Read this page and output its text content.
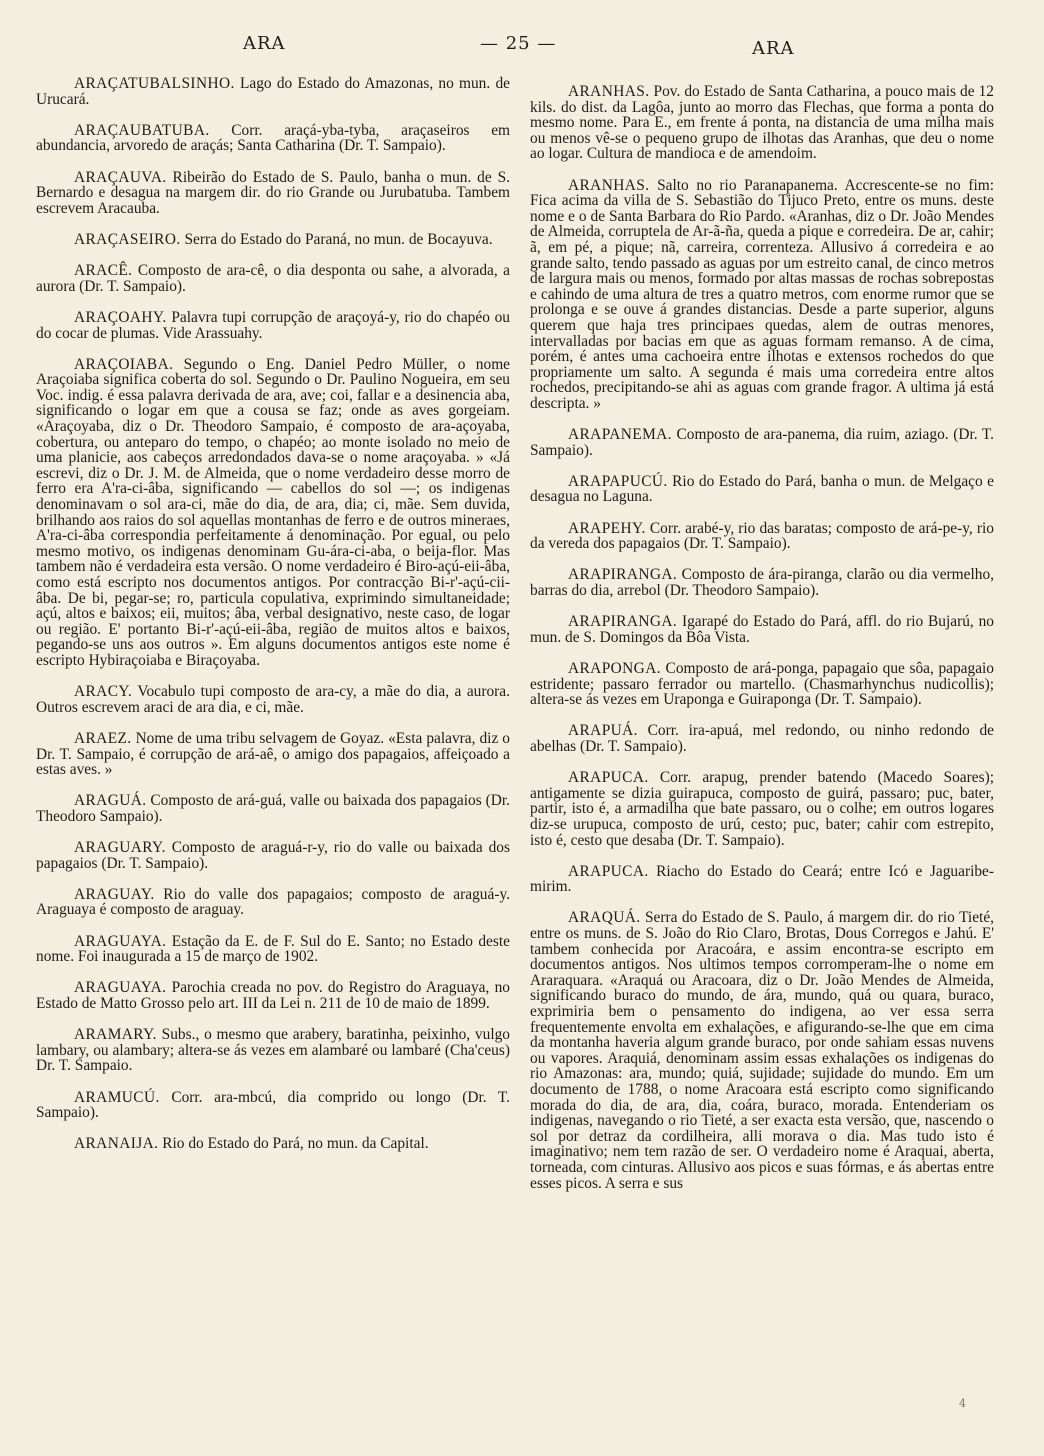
ARA	— 25 —	ARA

ARAÇATUBALSINHO. Lago do Estado do Amazonas, no mun. de Urucará.

ARAÇAUBATUBA. Corr. araçá-yba-tyba, araçaseiros em abundancia, arvoredo de araçás; Santa Catharina (Dr. T. Sampaio).

ARAÇAUVA. Ribeirão do Estado de S. Paulo, banha o mun. de S. Bernardo e desagua na margem dir. do rio Grande ou Jurubatuba. Tambem escrevem Aracauba.

ARAÇASEIRO. Serra do Estado do Paraná, no mun. de Bocayuva.

ARACÊ. Composto de ara-cê, o dia desponta ou sahe, a alvorada, a aurora (Dr. T. Sampaio).

ARAÇOAHY. Palavra tupi corrupção de araçoyá-y, rio do chapéo ou do cocar de plumas. Vide Arassuahy.

ARAÇOIABA. Segundo o Eng. Daniel Pedro Müller, o nome Araçoiaba significa coberta do sol. Segundo o Dr. Paulino Nogueira, em seu Voc. indig. é essa palavra derivada de ara, ave; coi, fallar e a desinencia aba, significando o logar em que a cousa se faz; onde as aves gorgeiam. «Araçoyaba, diz o Dr. Theodoro Sampaio, é composto de ara-açoyaba, cobertura, ou anteparo do tempo, o chapéo; ao monte isolado no meio de uma planicie, aos cabeços arredondados dava-se o nome araçoyaba. » «Já escrevi, diz o Dr. J. M. de Almeida, que o nome verdadeiro desse morro de ferro era A'ra-ci-âba, significando — cabellos do sol —; os indigenas denominavam o sol ara-ci, mãe do dia, de ara, dia; ci, mãe. Sem duvida, brilhando aos raios do sol aquellas montanhas de ferro e de outros mineraes, A'ra-ci-âba correspondia perfeitamente á denominação. Por egual, ou pelo mesmo motivo, os indigenas denominam Gu-ára-ci-aba, o beija-flor. Mas tambem não é verdadeira esta versão. O nome verdadeiro é Biro-açú-eii-âba, como está escripto nos documentos antigos. Por contracção Bi-r'-açú-cii-âba. De bi, pegar-se; ro, particula copulativa, exprimindo simultaneidade; açú, altos e baixos; eii, muitos; âba, verbal designativo, neste caso, de logar ou região. E' portanto Bi-r'-açú-eii-âba, região de muitos altos e baixos, pegando-se uns aos outros ». Em alguns documentos antigos este nome é escripto Hybiraçoiaba e Biraçoyaba.

ARACY. Vocabulo tupi composto de ara-cy, a mãe do dia, a aurora. Outros escrevem araci de ara dia, e ci, mãe.

ARAEZ. Nome de uma tribu selvagem de Goyaz. «Esta palavra, diz o Dr. T. Sampaio, é corrupção de ará-aê, o amigo dos papagaios, affeiçoado a estas aves. »

ARAGUÁ. Composto de ará-guá, valle ou baixada dos papagaios (Dr. Theodoro Sampaio).

ARAGUARY. Composto de araguá-r-y, rio do valle ou baixada dos papagaios (Dr. T. Sampaio).

ARAGUAY. Rio do valle dos papagaios; composto de araguá-y. Araguaya é composto de araguay.

ARAGUAYA. Estação da E. de F. Sul do E. Santo; no Estado deste nome. Foi inaugurada a 15 de março de 1902.

ARAGUAYA. Parochia creada no pov. do Registro do Araguaya, no Estado de Matto Grosso pelo art. III da Lei n. 211 de 10 de maio de 1899.

ARAMARY. Subs., o mesmo que arabery, baratinha, peixinho, vulgo lambary, ou alambary; altera-se ás vezes em alambaré ou lambaré (Cha'ceus) Dr. T. Sampaio.

ARAMUCÚ. Corr. ara-mbcú, dia comprido ou longo (Dr. T. Sampaio).

ARANAIJA. Rio do Estado do Pará, no mun. da Capital.

ARANHAS. Pov. do Estado de Santa Catharina, a pouco mais de 12 kils. do dist. da Lagôa, junto ao morro das Flechas, que forma a ponta do mesmo nome. Para E., em frente á ponta, na distancia de uma milha mais ou menos vê-se o pequeno grupo de ilhotas das Aranhas, que deu o nome ao logar. Cultura de mandioca e de amendoim.

ARANHAS. Salto no rio Paranapanema. Accrescente-se no fim: Fica acima da villa de S. Sebastião do Tijuco Preto, entre os muns. deste nome e o de Santa Barbara do Rio Pardo. «Aranhas, diz o Dr. João Mendes de Almeida, corruptela de Ar-ã-ña, queda a pique e corredeira. De ar, cahir; ã, em pé, a pique; nã, carreira, correnteza. Allusivo á corredeira e ao grande salto, tendo passado as aguas por um estreito canal, de cinco metros de largura mais ou menos, formado por altas massas de rochas sobrepostas e cahindo de uma altura de tres a quatro metros, com enorme rumor que se prolonga e se ouve á grandes distancias. Desde a parte superior, alguns querem que haja tres principaes quedas, alem de outras menores, intervalladas por bacias em que as aguas formam remanso. A de cima, porém, é antes uma cachoeira entre ilhotas e extensos rochedos do que propriamente um salto. A segunda é mais uma corredeira entre altos rochedos, precipitando-se ahi as aguas com grande fragor. A ultima já está descripta. »

ARAPANEMA. Composto de ara-panema, dia ruim, aziago. (Dr. T. Sampaio).

ARAPAPUCÚ. Rio do Estado do Pará, banha o mun. de Melgaço e desagua no Laguna.

ARAPEHY. Corr. arabé-y, rio das baratas; composto de ará-pe-y, rio da vereda dos papagaios (Dr. T. Sampaio).

ARAPIRANGA. Composto de ára-piranga, clarão ou dia vermelho, barras do dia, arrebol (Dr. Theodoro Sampaio).

ARAPIRANGA. Igarapé do Estado do Pará, affl. do rio Bujarú, no mun. de S. Domingos da Bôa Vista.

ARAPONGA. Composto de ará-ponga, papagaio que sôa, papagaio estridente; passaro ferrador ou martello. (Chasmarhynchus nudicollis); altera-se ás vezes em Uraponga e Guiraponga (Dr. T. Sampaio).

ARAPUÁ. Corr. ira-apuá, mel redondo, ou ninho redondo de abelhas (Dr. T. Sampaio).

ARAPUCA. Corr. arapug, prender batendo (Macedo Soares); antigamente se dizia guirapuca, composto de guirá, passaro; puc, bater, partir, isto é, a armadilha que bate passaro, ou o colhe; em outros logares diz-se urupuca, composto de urú, cesto; puc, bater; cahir com estrepito, isto é, cesto que desaba (Dr. T. Sampaio).

ARAPUCA. Riacho do Estado do Ceará; entre Icó e Jaguaribe-mirim.

ARAQUÁ. Serra do Estado de S. Paulo, á margem dir. do rio Tieté, entre os muns. de S. João do Rio Claro, Brotas, Dous Corregos e Jahú. E' tambem conhecida por Aracoára, e assim encontra-se escripto em documentos antigos. Nos ultimos tempos corromperam-lhe o nome em Araraquara. «Araquá ou Aracoara, diz o Dr. João Mendes de Almeida, significando buraco do mundo, de ára, mundo, quá ou quara, buraco, exprimiria bem o pensamento do indigena, ao ver essa serra frequentemente envolta em exhalações, e afigurando-se-lhe que em cima da montanha haveria algum grande buraco, por onde sahiam essas nuvens ou vapores. Araquiá, denominam assim essas exhalações os indigenas do rio Amazonas: ara, mundo; quiá, sujidade; sujidade do mundo. Em um documento de 1788, o nome Aracoara está escripto como significando morada do dia, de ara, dia, coára, buraco, morada. Entenderiam os indigenas, navegando o rio Tieté, a ser exacta esta versão, que, nascendo o sol por detraz da cordilheira, alli morava o dia. Mas tudo isto é imaginativo; nem tem razão de ser. O verdadeiro nome é Araquai, aberta, torneada, com cinturas. Allusivo aos picos e suas fórmas, e ás abertas entre esses picos. A serra e sus

4
